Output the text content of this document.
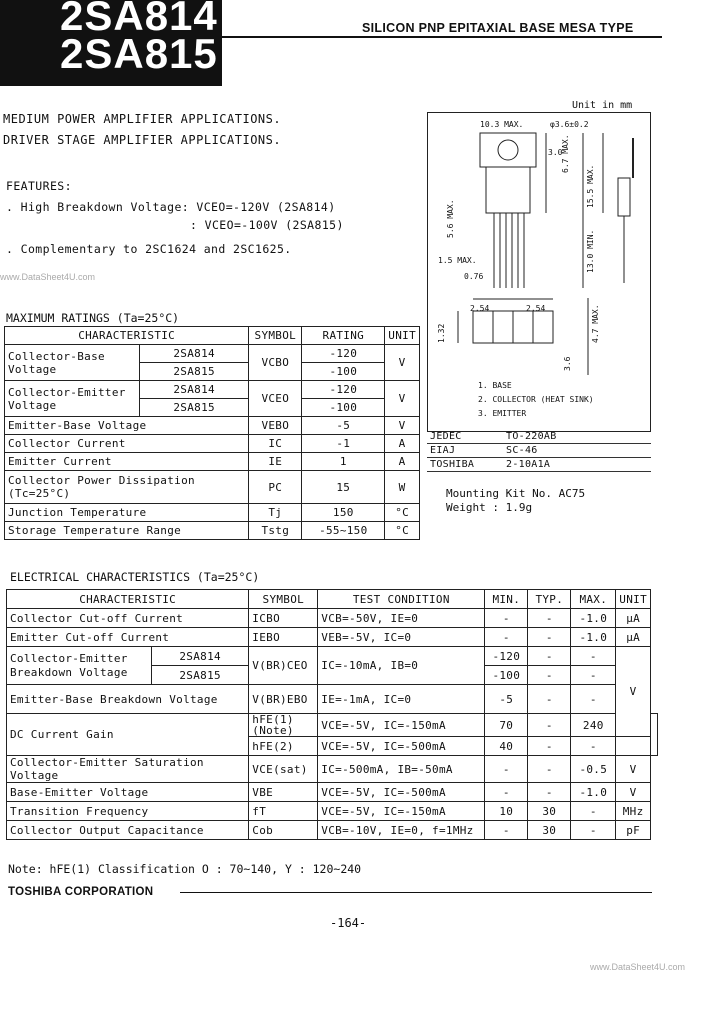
2SA814
2SA815
SILICON PNP EPITAXIAL BASE MESA TYPE
MEDIUM POWER AMPLIFIER APPLICATIONS.
DRIVER STAGE AMPLIFIER APPLICATIONS.
FEATURES:
. High Breakdown Voltage: VCEO=-120V (2SA814)
: VCEO=-100V (2SA815)
. Complementary to 2SC1624 and 2SC1625.
www.DataSheet4U.com
Unit in mm
10.3 MAX.	φ3.6±0.2
3.0
6.7 MAX.
15.5 MAX.
5.6 MAX.
13.0 MIN.
1.5 MAX.
0.76
2.54	2.54	4.7 MAX.
1.32
3.6
1. BASE
2. COLLECTOR (HEAT SINK)
3. EMITTER
JEDEC	TO-220AB
EIAJ	SC-46
TOSHIBA	2-10A1A
Mounting Kit No. AC75
Weight : 1.9g
MAXIMUM RATINGS (Ta=25°C)
CHARACTERISTIC		SYMBOL	RATING	UNIT
Collector-Base Voltage	2SA814	VCBO	-120	V
	2SA815		-100	
Collector-Emitter Voltage	2SA814	VCEO	-120	V
	2SA815		-100	
Emitter-Base Voltage		VEBO	-5	V
Collector Current		IC	-1	A
Emitter Current		IE	1	A
Collector Power Dissipation (Tc=25°C)		PC	15	W
Junction Temperature		Tj	150	°C
Storage Temperature Range		Tstg	-55~150	°C
ELECTRICAL CHARACTERISTICS (Ta=25°C)
CHARACTERISTIC		SYMBOL	TEST CONDITION	MIN.	TYP.	MAX.	UNIT	
Collector Cut-off Current		ICBO	VCB=-50V, IE=0	-	-	-1.0	μA	
Emitter Cut-off Current		IEBO	VEB=-5V, IC=0	-	-	-1.0	μA	
Collector-Emitter Breakdown Voltage	2SA814	V(BR)CEO	IC=-10mA, IB=0	-120	-	-	V	
	2SA815			-100	-	-		
Emitter-Base Breakdown Voltage		V(BR)EBO	IE=-1mA, IC=0	-5	-	-		
DC Current Gain		hFE(1) (Note)	VCE=-5V, IC=-150mA	70	-	240		
		hFE(2)	VCE=-5V, IC=-500mA	40	-	-		
Collector-Emitter Saturation Voltage		VCE(sat)	IC=-500mA, IB=-50mA	-	-	-0.5	V	
Base-Emitter Voltage		VBE	VCE=-5V, IC=-500mA	-	-	-1.0	V	
Transition Frequency		fT	VCE=-5V, IC=-150mA	10	30	-	MHz	
Collector Output Capacitance		Cob	VCB=-10V, IE=0, f=1MHz	-	30	-	pF	
Note: hFE(1) Classification O : 70~140, Y : 120~240
TOSHIBA CORPORATION
-164-
www.DataSheet4U.com
